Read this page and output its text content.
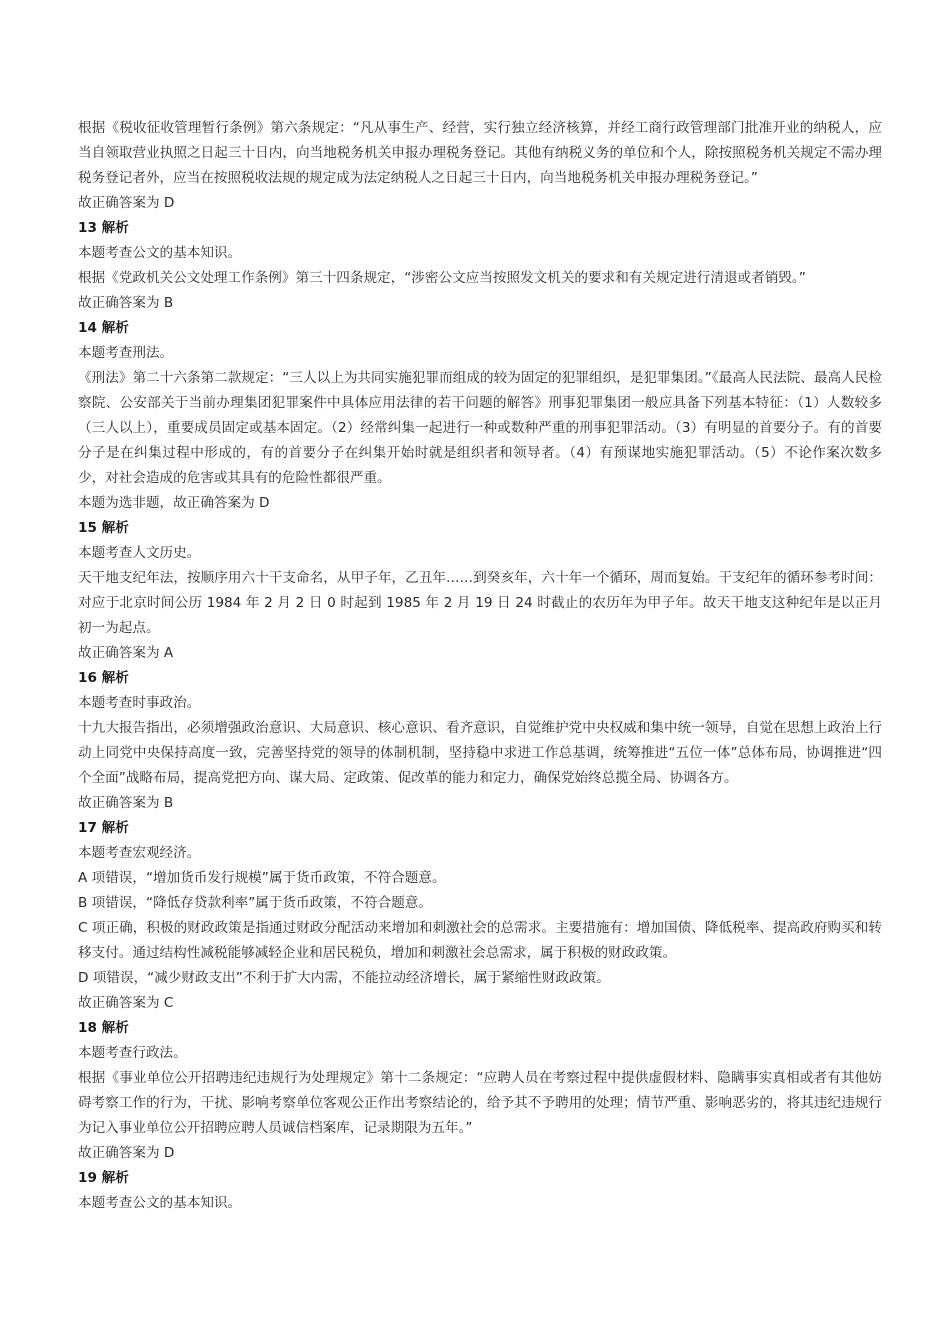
根据《税收征收管理暂行条例》第六条规定：“凡从事生产、经营，实行独立经济核算，并经工商行政管理部门批准开业的纳税人，应当自领取营业执照之日起三十日内，向当地税务机关申报办理税务登记。其他有纳税义务的单位和个人，除按照税务机关规定不需办理税务登记者外，应当在按照税收法规的规定成为法定纳税人之日起三十日内，向当地税务机关申报办理税务登记。”

故正确答案为 D

13 解析

本题考查公文的基本知识。

根据《党政机关公文处理工作条例》第三十四条规定，“涉密公文应当按照发文机关的要求和有关规定进行清退或者销毁。”

故正确答案为 B

14 解析

本题考查刑法。

《刑法》第二十六条第二款规定：“三人以上为共同实施犯罪而组成的较为固定的犯罪组织，是犯罪集团。”《最高人民法院、最高人民检察院、公安部关于当前办理集团犯罪案件中具体应用法律的若干问题的解答》刑事犯罪集团一般应具备下列基本特征：（1）人数较多（三人以上），重要成员固定或基本固定。（2）经常纠集一起进行一种或数种严重的刑事犯罪活动。（3）有明显的首要分子。有的首要分子是在纠集过程中形成的，有的首要分子在纠集开始时就是组织者和领导者。（4）有预谋地实施犯罪活动。（5）不论作案次数多少，对社会造成的危害或其具有的危险性都很严重。

本题为选非题，故正确答案为 D

15 解析

本题考查人文历史。

天干地支纪年法，按顺序用六十干支命名，从甲子年，乙丑年……到癸亥年，六十年一个循环，周而复始。干支纪年的循环参考时间：对应于北京时间公历 1984 年 2 月 2 日 0 时起到 1985 年 2 月 19 日 24 时截止的农历年为甲子年。故天干地支这种纪年是以正月初一为起点。

故正确答案为 A

16 解析

本题考查时事政治。

十九大报告指出，必须增强政治意识、大局意识、核心意识、看齐意识，自觉维护党中央权威和集中统一领导，自觉在思想上政治上行动上同党中央保持高度一致，完善坚持党的领导的体制机制，坚持稳中求进工作总基调，统筹推进“五位一体”总体布局，协调推进“四个全面”战略布局，提高党把方向、谋大局、定政策、促改革的能力和定力，确保党始终总揽全局、协调各方。

故正确答案为 B

17 解析

本题考查宏观经济。

A 项错误，“增加货币发行规模”属于货币政策，不符合题意。

B 项错误，“降低存贷款利率”属于货币政策，不符合题意。

C 项正确，积极的财政政策是指通过财政分配活动来增加和刺激社会的总需求。主要措施有：增加国债、降低税率、提高政府购买和转移支付。通过结构性减税能够减轻企业和居民税负，增加和刺激社会总需求，属于积极的财政政策。

D 项错误，“减少财政支出”不利于扩大内需，不能拉动经济增长，属于紧缩性财政政策。

故正确答案为 C

18 解析

本题考查行政法。

根据《事业单位公开招聘违纪违规行为处理规定》第十二条规定：“应聘人员在考察过程中提供虚假材料、隐瞒事实真相或者有其他妨碍考察工作的行为，干扰、影响考察单位客观公正作出考察结论的，给予其不予聘用的处理；情节严重、影响恶劣的，将其违纪违规行为记入事业单位公开招聘应聘人员诚信档案库，记录期限为五年。”

故正确答案为 D

19 解析

本题考查公文的基本知识。
